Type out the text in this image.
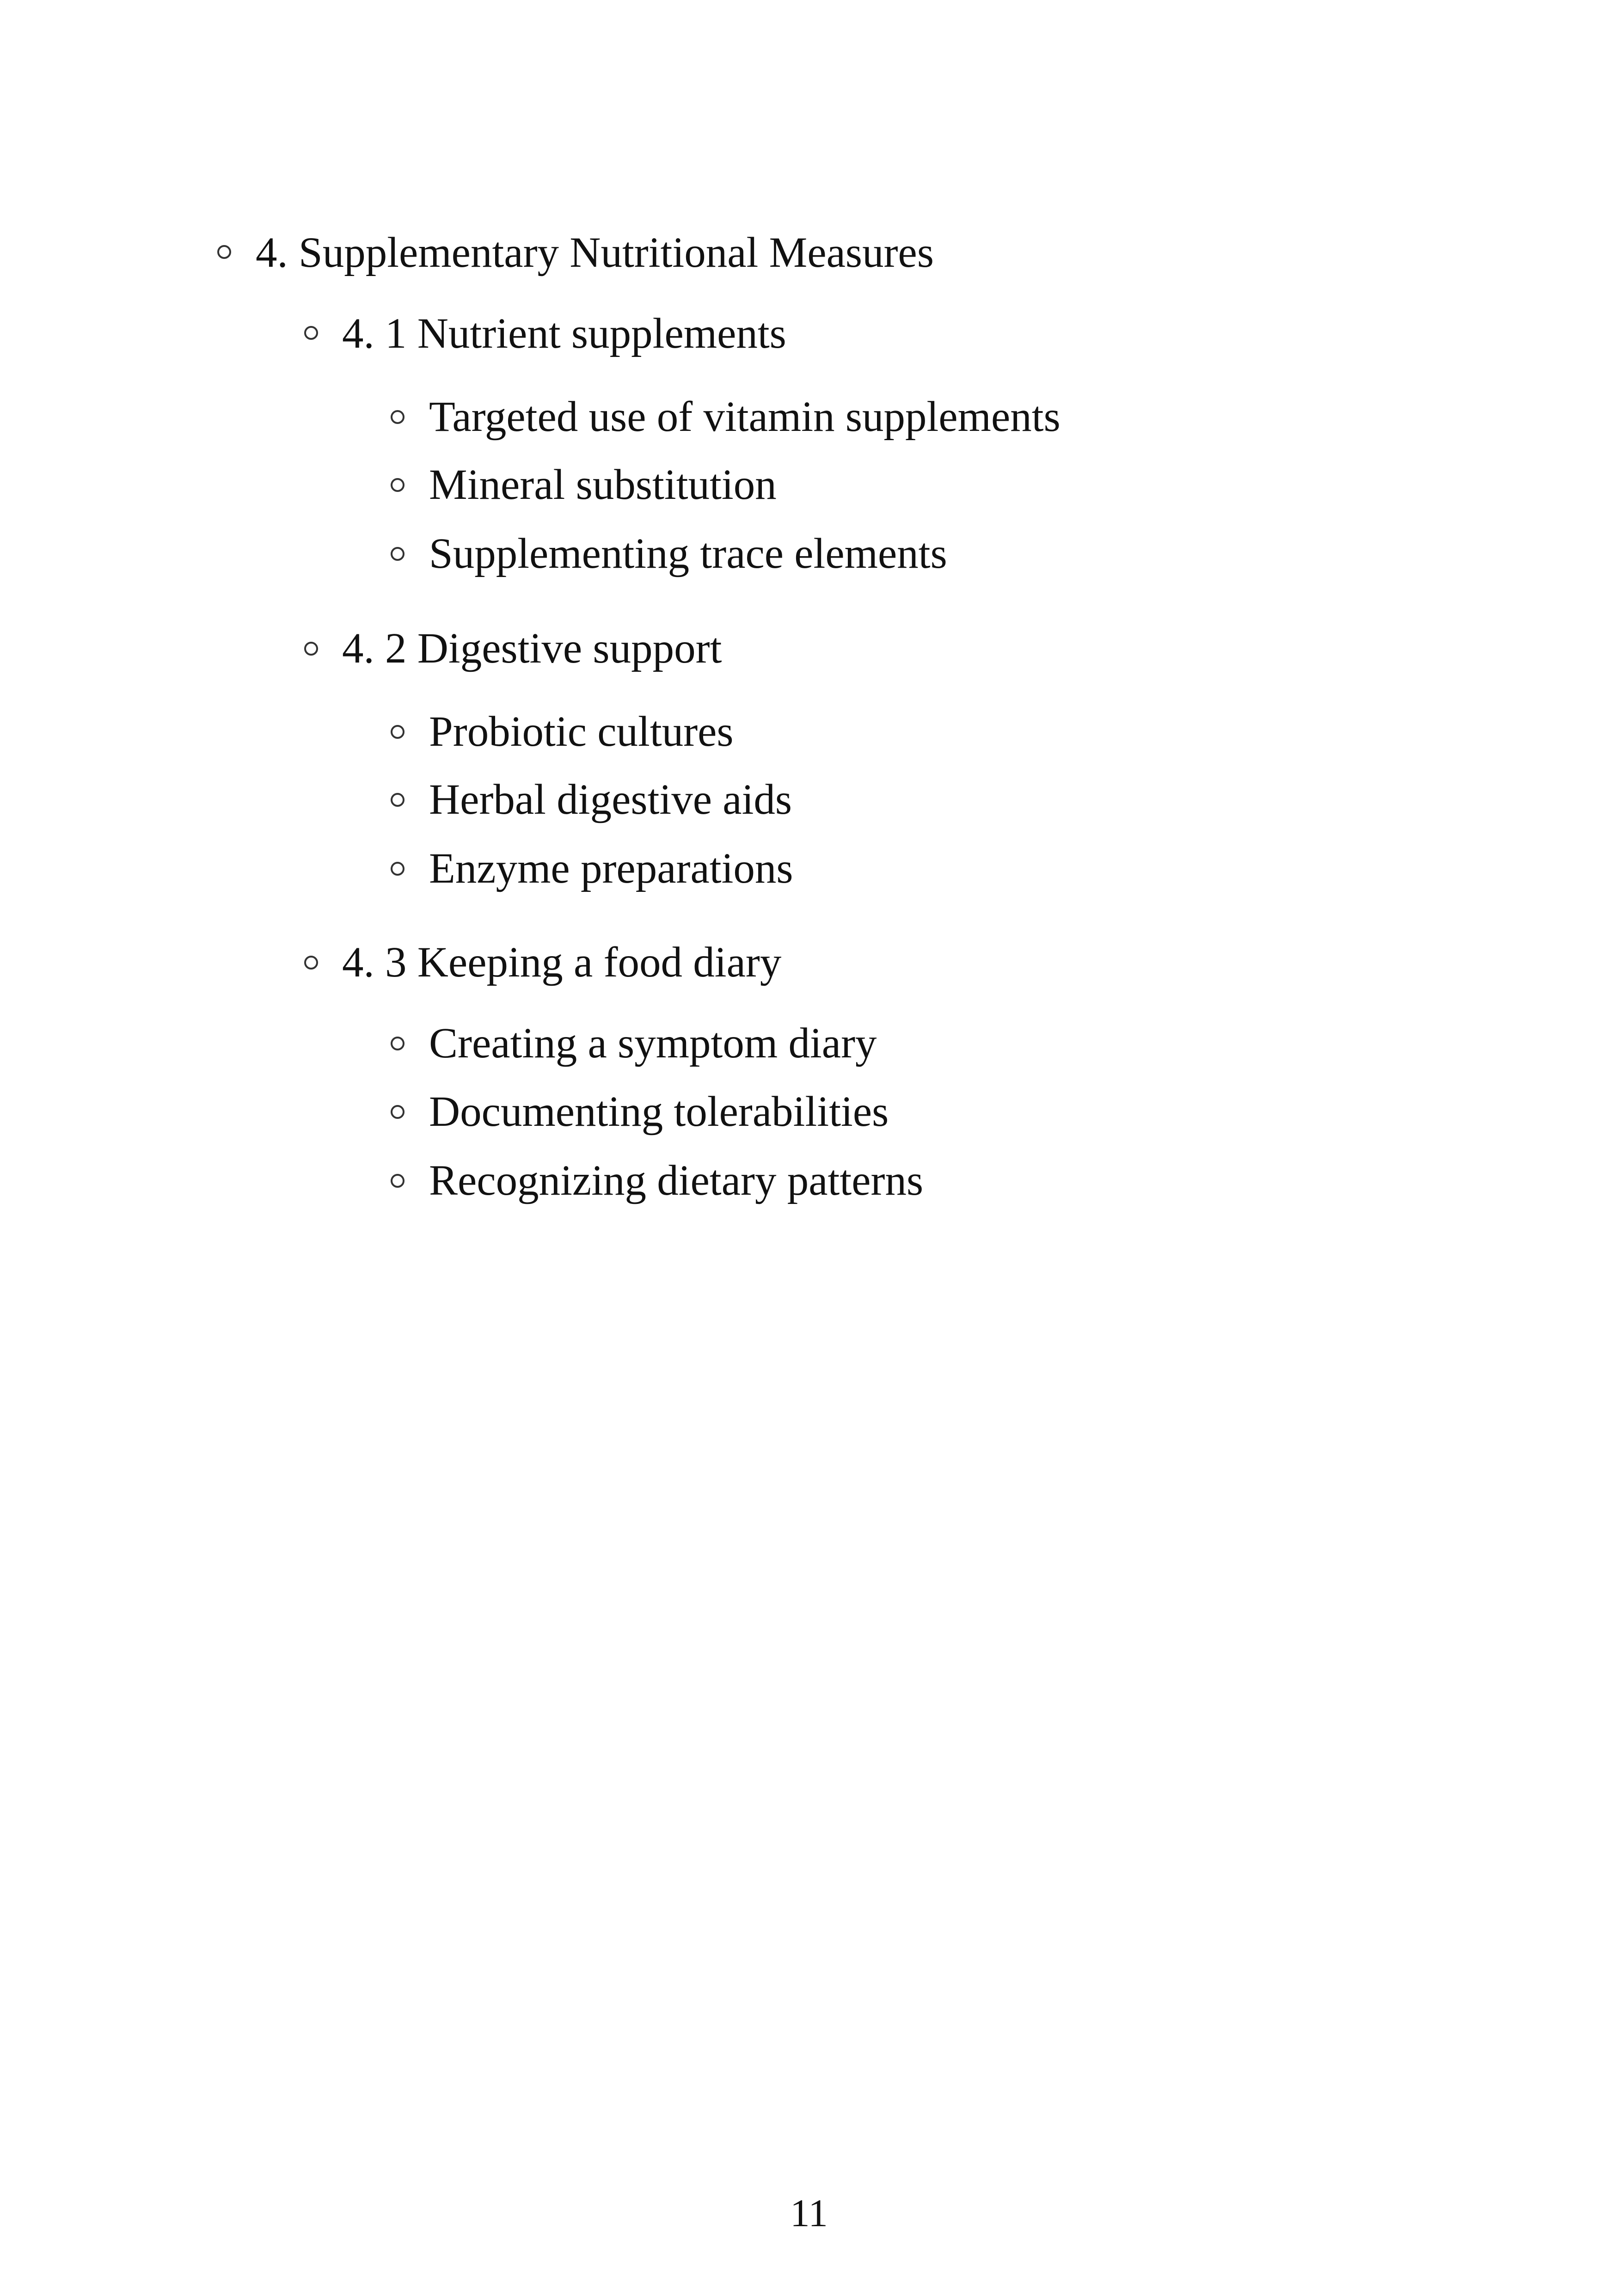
4. Supplementary Nutritional Measures
4. 1 Nutrient supplements
Targeted use of vitamin supplements
Mineral substitution
Supplementing trace elements
4. 2 Digestive support
Probiotic cultures
Herbal digestive aids
Enzyme preparations
4. 3 Keeping a food diary
Creating a symptom diary
Documenting tolerabilities
Recognizing dietary patterns
11
